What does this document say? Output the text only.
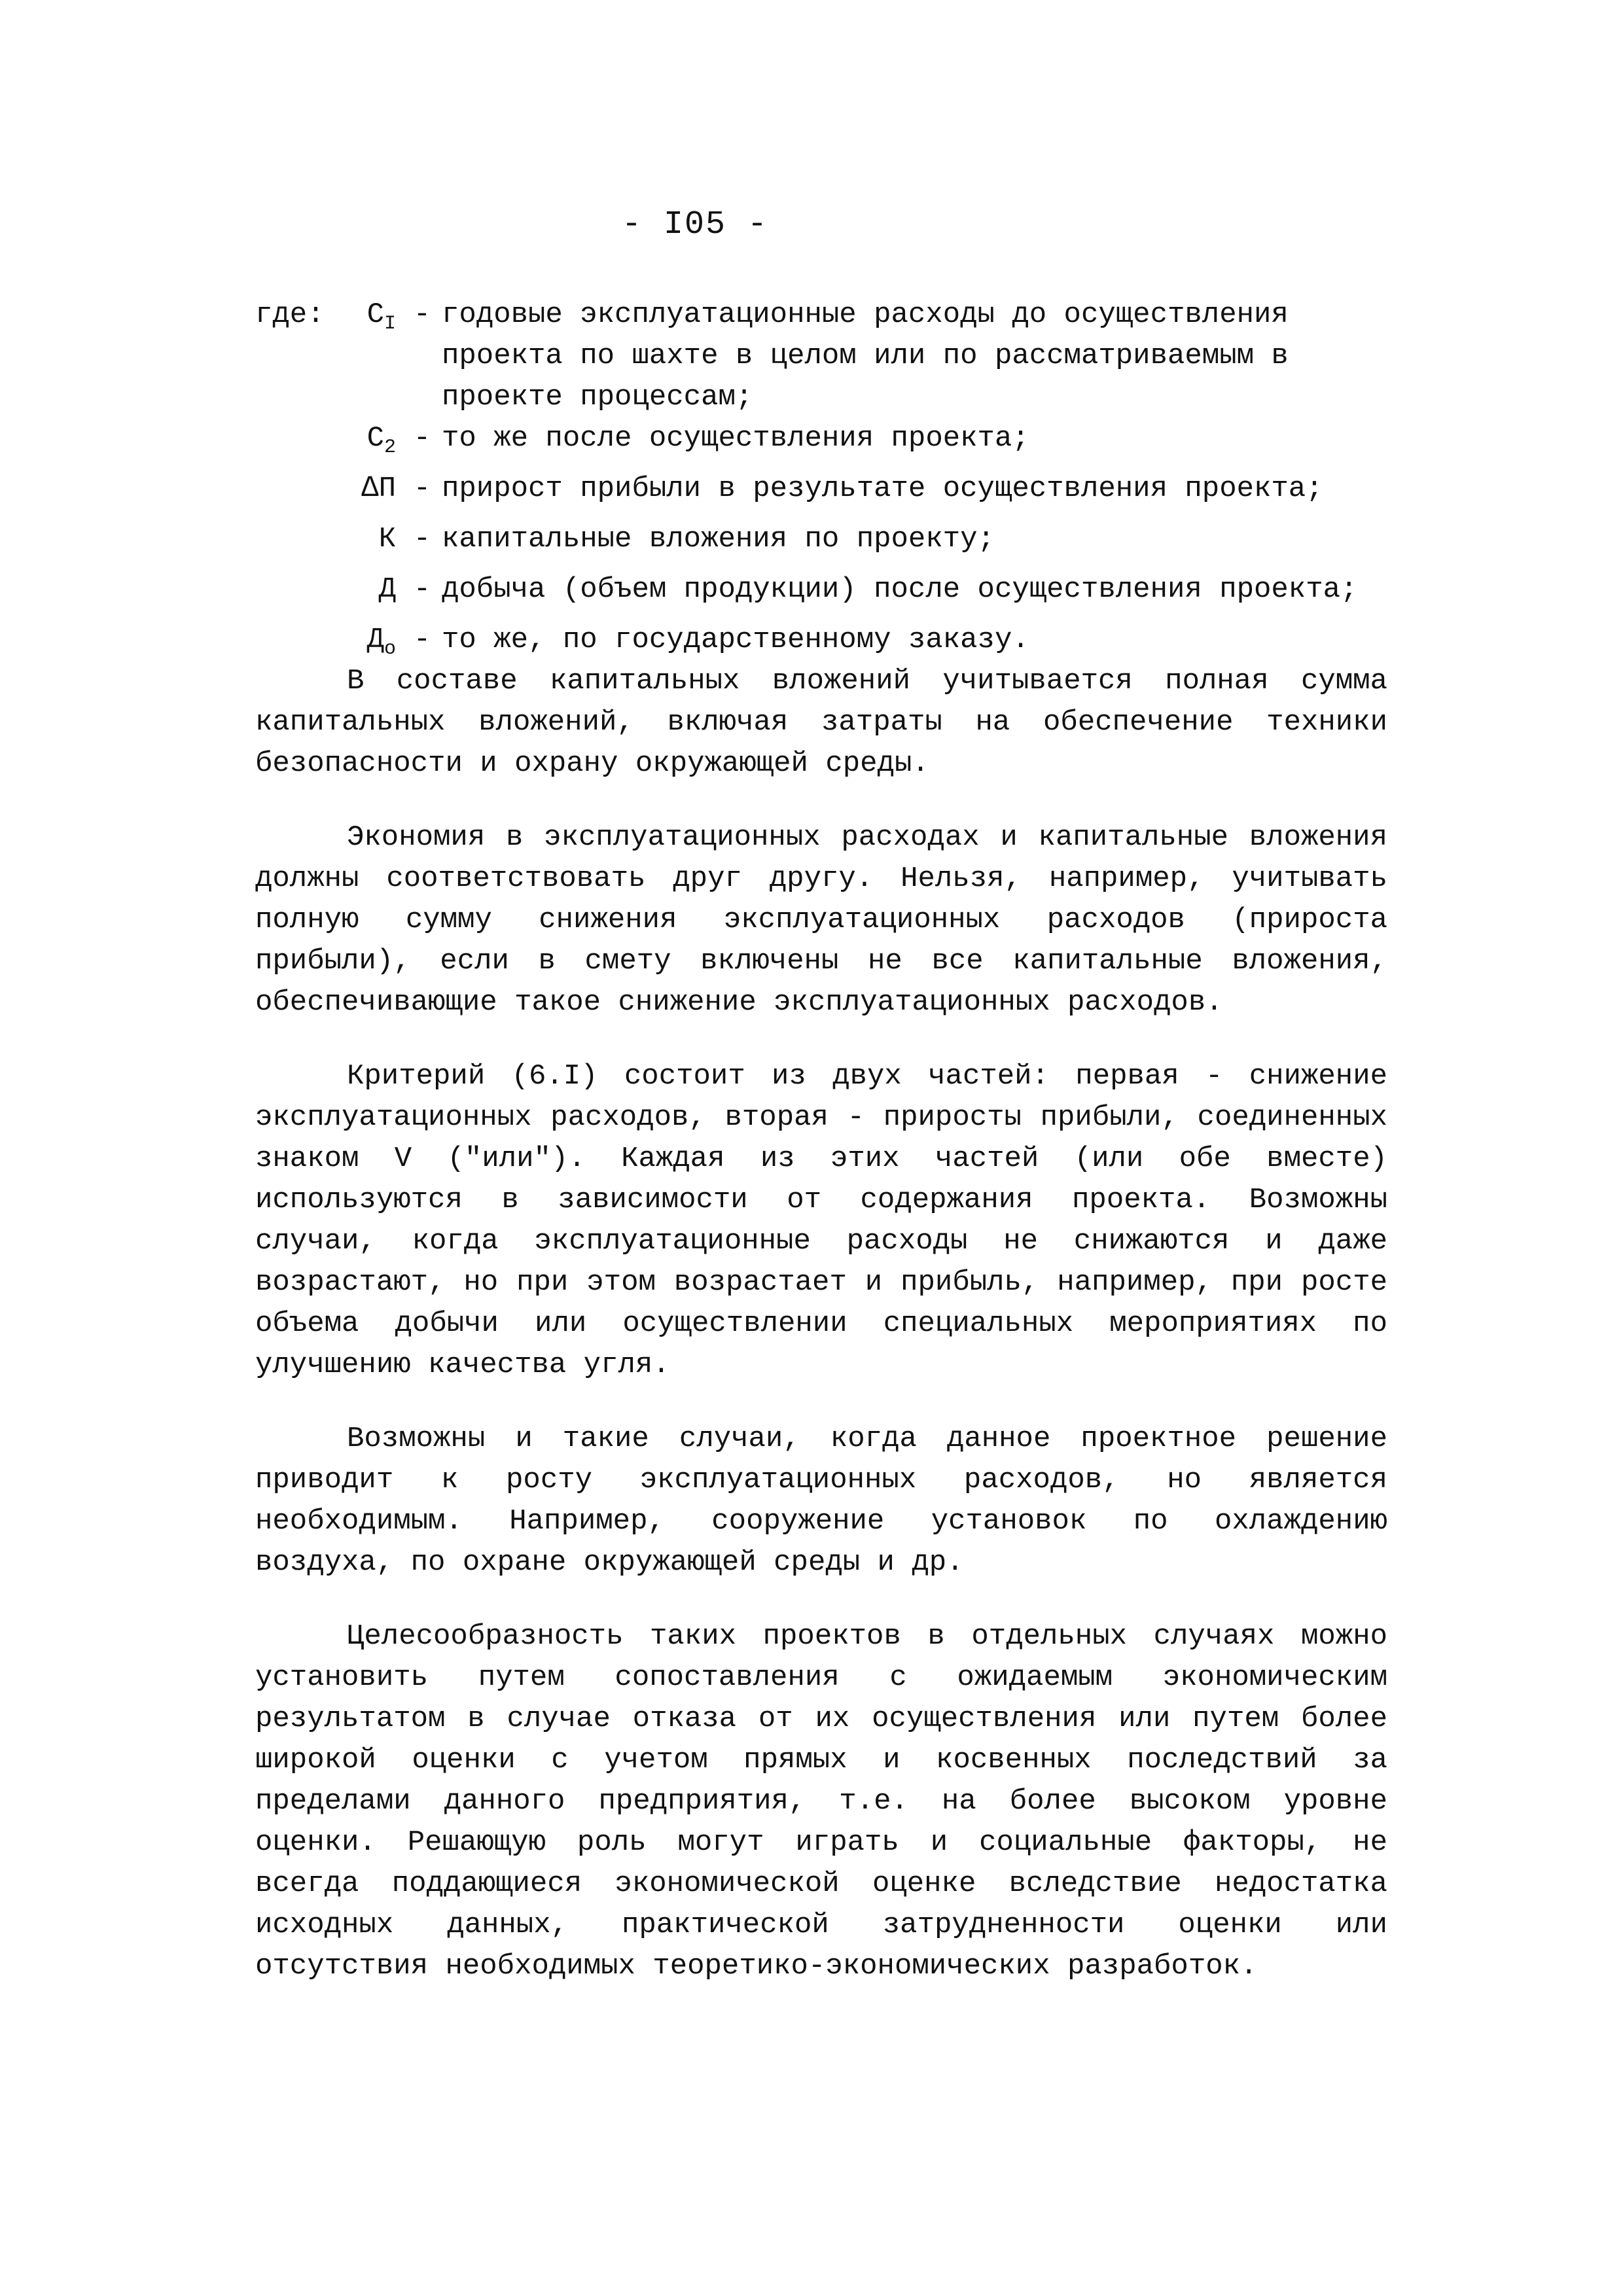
- I05 -
где:	$С_I$ - годовые эксплуатационные расходы до осуществления проекта по шахте в целом или по рассматриваемым в проекте процессам;
$С_2$ - то же после осуществления проекта;
∆П - прирост прибыли в результате осуществления проекта;
К - капитальные вложения по проекту;
Д - добыча (объем продукции) после осуществления проекта;
$Д_о$ - то же, по государственному заказу.

В составе капитальных вложений учитывается полная сумма капитальных вложений, включая затраты на обеспечение техники безопасности и охрану окружающей среды.

Экономия в эксплуатационных расходах и капитальные вложения должны соответствовать друг другу. Нельзя, например, учитывать полную сумму снижения эксплуатационных расходов (прироста прибыли), если в смету включены не все капитальные вложения, обеспечивающие такое снижение эксплуатационных расходов.

Критерий (6.I) состоит из двух частей: первая - снижение эксплуатационных расходов, вторая - приросты прибыли, соединенных знаком V ("или"). Каждая из этих частей (или обе вместе) используются в зависимости от содержания проекта. Возможны случаи, когда эксплуатационные расходы не снижаются и даже возрастают, но при этом возрастает и прибыль, например, при росте объема добычи или осуществлении специальных мероприятиях по улучшению качества угля.

Возможны и такие случаи, когда данное проектное решение приводит к росту эксплуатационных расходов, но является необходимым. Например, сооружение установок по охлаждению воздуха, по охране окружающей среды и др.

Целесообразность таких проектов в отдельных случаях можно установить путем сопоставления с ожидаемым экономическим результатом в случае отказа от их осуществления или путем более широкой оценки с учетом прямых и косвенных последствий за пределами данного предприятия, т.е. на более высоком уровне оценки. Решающую роль могут играть и социальные факторы, не всегда поддающиеся экономической оценке вследствие недостатка исходных данных, практической затрудненности оценки или отсутствия необходимых теоретико-экономических разработок.
